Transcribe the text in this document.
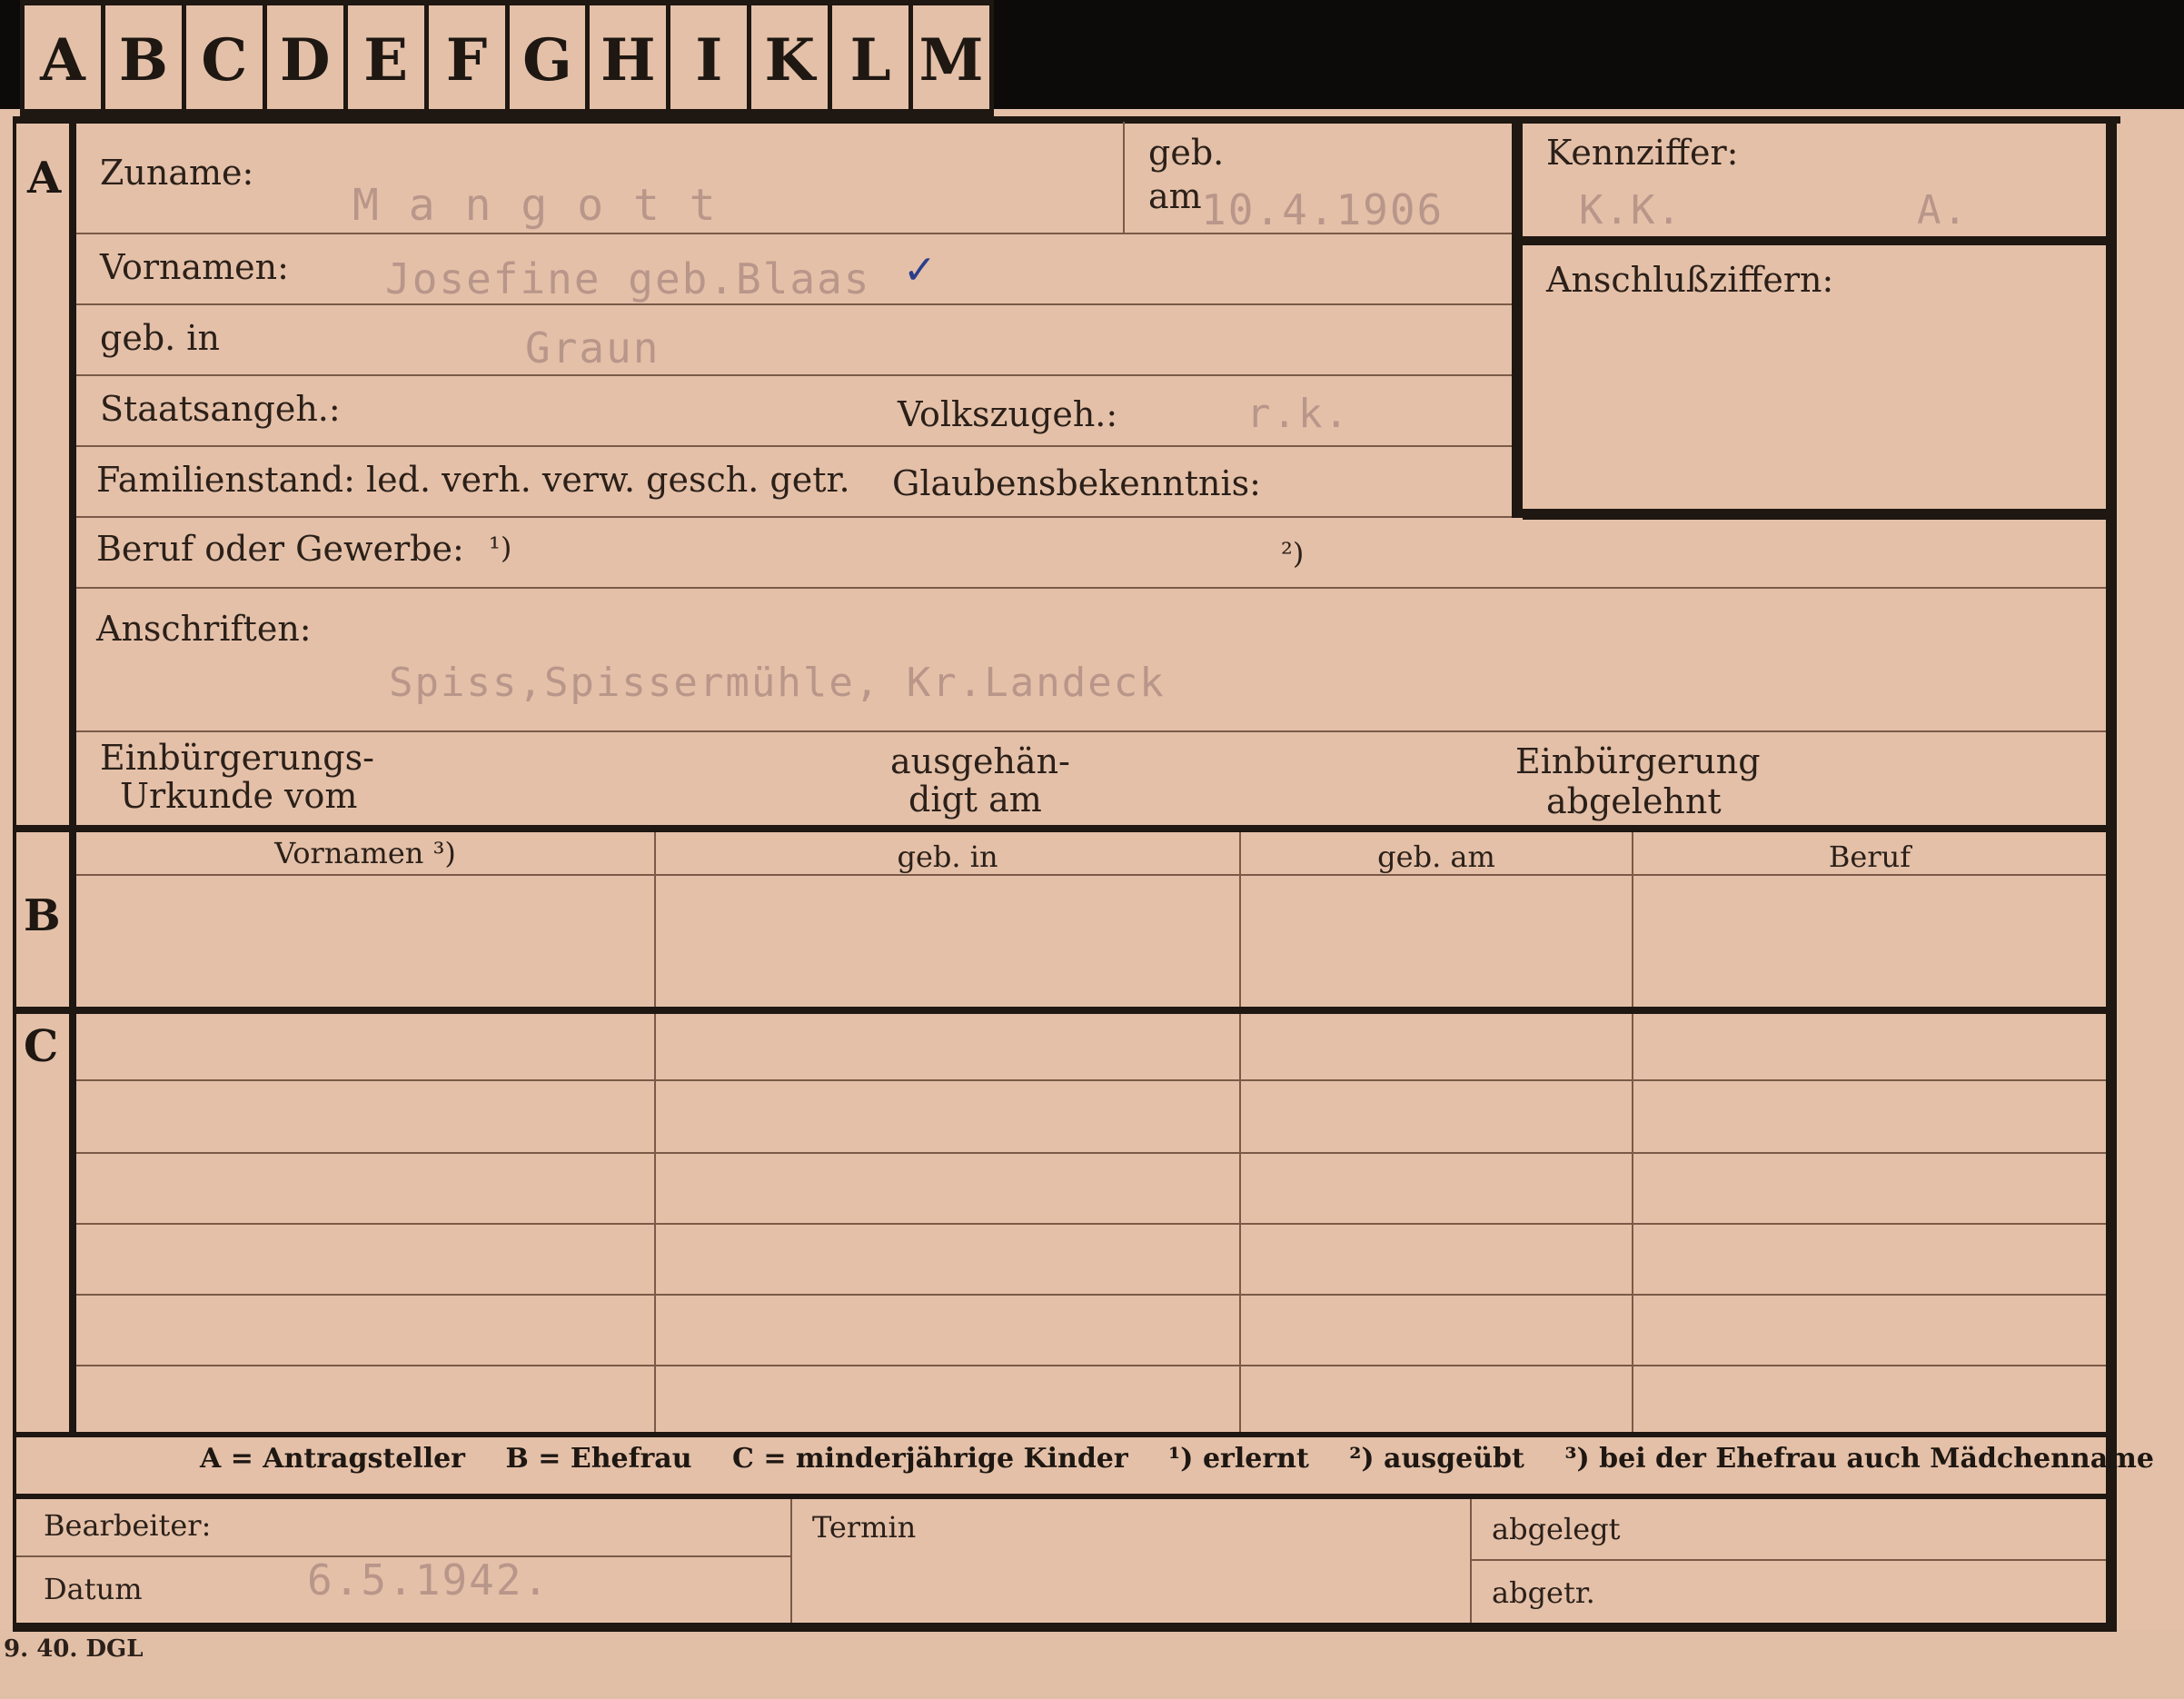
A B C D E F G H I K L M
A Zuname:
M a n g o t t
geb.
am 10.4.1906
Vornamen: Josefine geb.Blaas ✓
geb. in	Graun
Staatsangeh.:	Volkszugeh.:	r.k.
Familienstand: led. verh. verw. gesch. getr. Glaubensbekenntnis:
Beruf oder Gewerbe: ¹)	²)
Anschriften:
Spiss,Spissermühle, Kr.Landeck
Einbürgerungs-
Urkunde vom
ausgehän-
digt am
Einbürgerung
abgelehnt
Kennziffer:
K.K.	A.
Anschlußziffern:
B
Vornamen ³)	geb. in	geb. am	Beruf
C
A = Antragsteller B = Ehefrau C = minderjährige Kinder ¹) erlernt ²) ausgeübt ³) bei der Ehefrau auch Mädchenname
Bearbeiter:
Datum	6.5.1942.
Termin	abgelegt
abgetr.
9. 40. DGL
